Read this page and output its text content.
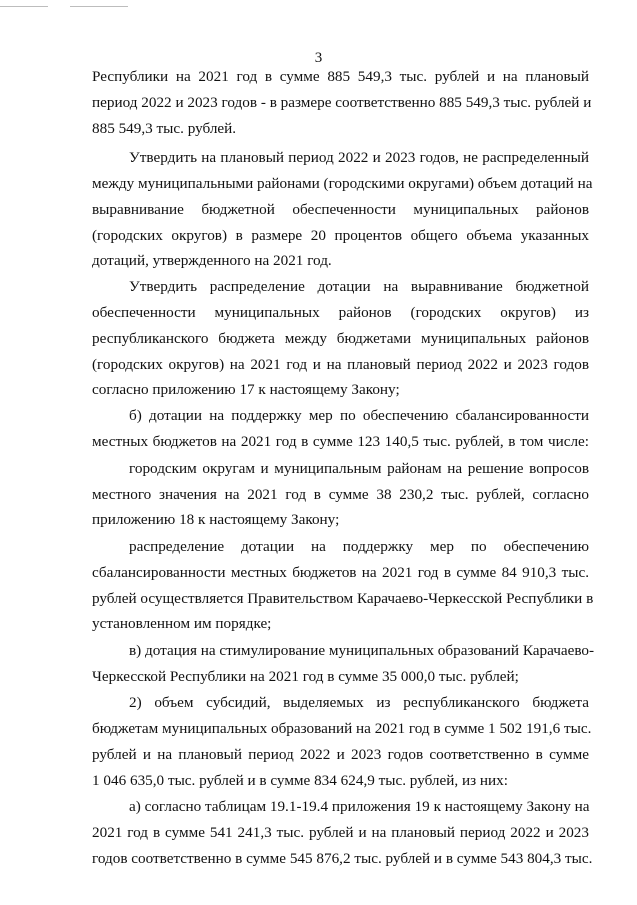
3
Республики на 2021 год в сумме 885 549,3 тыс. рублей и на плановый
период 2022 и 2023 годов - в размере соответственно 885 549,3 тыс. рублей и
885 549,3 тыс. рублей.
Утвердить на плановый период 2022 и 2023 годов, не распределенный
между муниципальными районами (городскими округами) объем дотаций на
выравнивание бюджетной обеспеченности муниципальных районов
(городских округов) в размере 20 процентов общего объема указанных
дотаций, утвержденного на 2021 год.
Утвердить распределение дотации на выравнивание бюджетной
обеспеченности муниципальных районов (городских округов) из
республиканского бюджета между бюджетами муниципальных районов
(городских округов) на 2021 год и на плановый период 2022 и 2023 годов
согласно приложению 17 к настоящему Закону;
б) дотации на поддержку мер по обеспечению сбалансированности
местных бюджетов на 2021 год в сумме 123 140,5 тыс. рублей, в том числе:
городским округам и муниципальным районам на решение вопросов
местного значения на 2021 год в сумме 38 230,2 тыс. рублей, согласно
приложению 18 к настоящему Закону;
распределение дотации на поддержку мер по обеспечению
сбалансированности местных бюджетов на 2021 год в сумме 84 910,3 тыс.
рублей осуществляется Правительством Карачаево-Черкесской Республики в
установленном им порядке;
в) дотация на стимулирование муниципальных образований Карачаево-
Черкесской Республики на 2021 год в сумме 35 000,0 тыс. рублей;
2) объем субсидий, выделяемых из республиканского бюджета
бюджетам муниципальных образований на 2021 год в сумме 1 502 191,6 тыс.
рублей и на плановый период 2022 и 2023 годов соответственно в сумме
1 046 635,0 тыс. рублей и в сумме 834 624,9 тыс. рублей, из них:
а) согласно таблицам 19.1-19.4 приложения 19 к настоящему Закону на
2021 год в сумме 541 241,3 тыс. рублей и на плановый период 2022 и 2023
годов соответственно в сумме 545 876,2 тыс. рублей и в сумме 543 804,3 тыс.
